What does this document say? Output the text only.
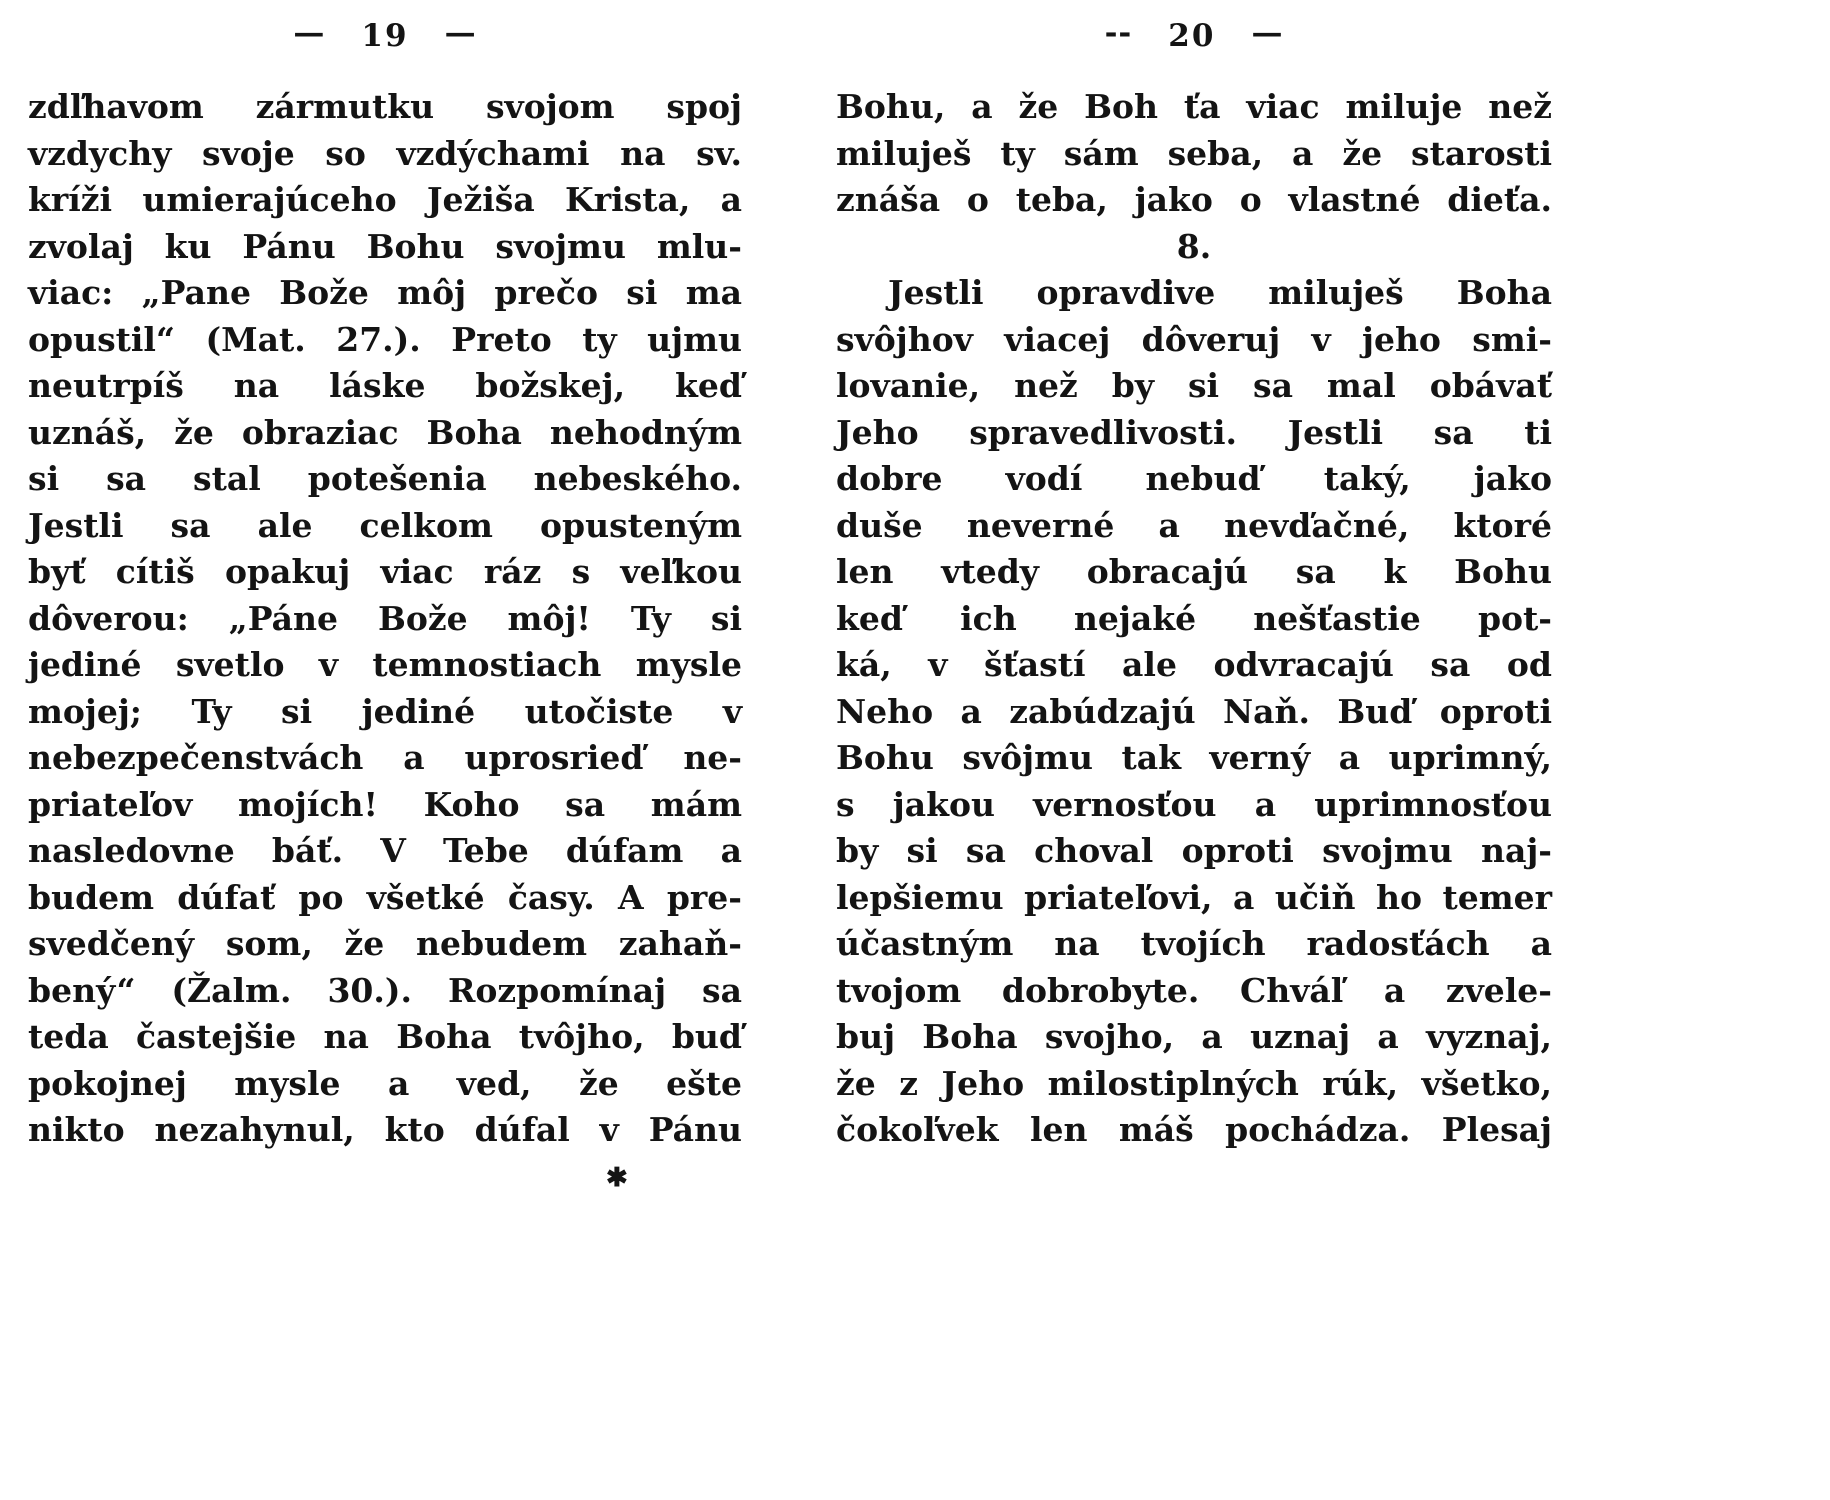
— 19 —
zdľhavom zármutku svojom spoj
vzdychy svoje so vzdýchami na sv.
kríži umierajúceho Ježiša Krista, a
zvolaj ku Pánu Bohu svojmu mlu-
viac: „Pane Bože môj prečo si ma
opustil“ (Mat. 27.). Preto ty ujmu
neutrpíš na láske božskej, keď
uznáš, že obraziac Boha nehodným
si sa stal potešenia nebeského.
Jestli sa ale celkom opusteným
byť cítiš opakuj viac ráz s veľkou
dôverou: „Páne Bože môj! Ty si
jediné svetlo v temnostiach mysle
mojej; Ty si jediné utočiste v
nebezpečenstvách a uprosrieď ne-
priateľov mojích! Koho sa mám
nasledovne báť. V Tebe dúfam a
budem dúfať po všetké časy. A pre-
svedčený som, že nebudem zahaň-
bený“ (Žalm. 30.). Rozpomínaj sa
teda častejšie na Boha tvôjho, buď
pokojnej mysle a ved, že ešte
nikto nezahynul, kto dúfal v Pánu
✱
-- 20 —
Bohu, a že Boh ťa viac miluje než
miluješ ty sám seba, a že starosti
znáša o teba, jako o vlastné dieťa.
8.
Jestli opravdive miluješ Boha
svôjhov viacej dôveruj v jeho smi-
lovanie, než by si sa mal obávať
Jeho spravedlivosti. Jestli sa ti
dobre vodí nebuď taký, jako
duše neverné a nevďačné, ktoré
len vtedy obracajú sa k Bohu
keď ich nejaké nešťastie pot-
ká, v šťastí ale odvracajú sa od
Neho a zabúdzajú Naň. Buď oproti
Bohu svôjmu tak verný a uprimný,
s jakou vernosťou a uprimnosťou
by si sa choval oproti svojmu naj-
lepšiemu priateľovi, a učiň ho temer
účastným na tvojích radosťách a
tvojom dobrobyte. Chváľ a zvele-
buj Boha svojho, a uznaj a vyznaj,
že z Jeho milostiplných rúk, všetko,
čokoľvek len máš pochádza. Plesaj
